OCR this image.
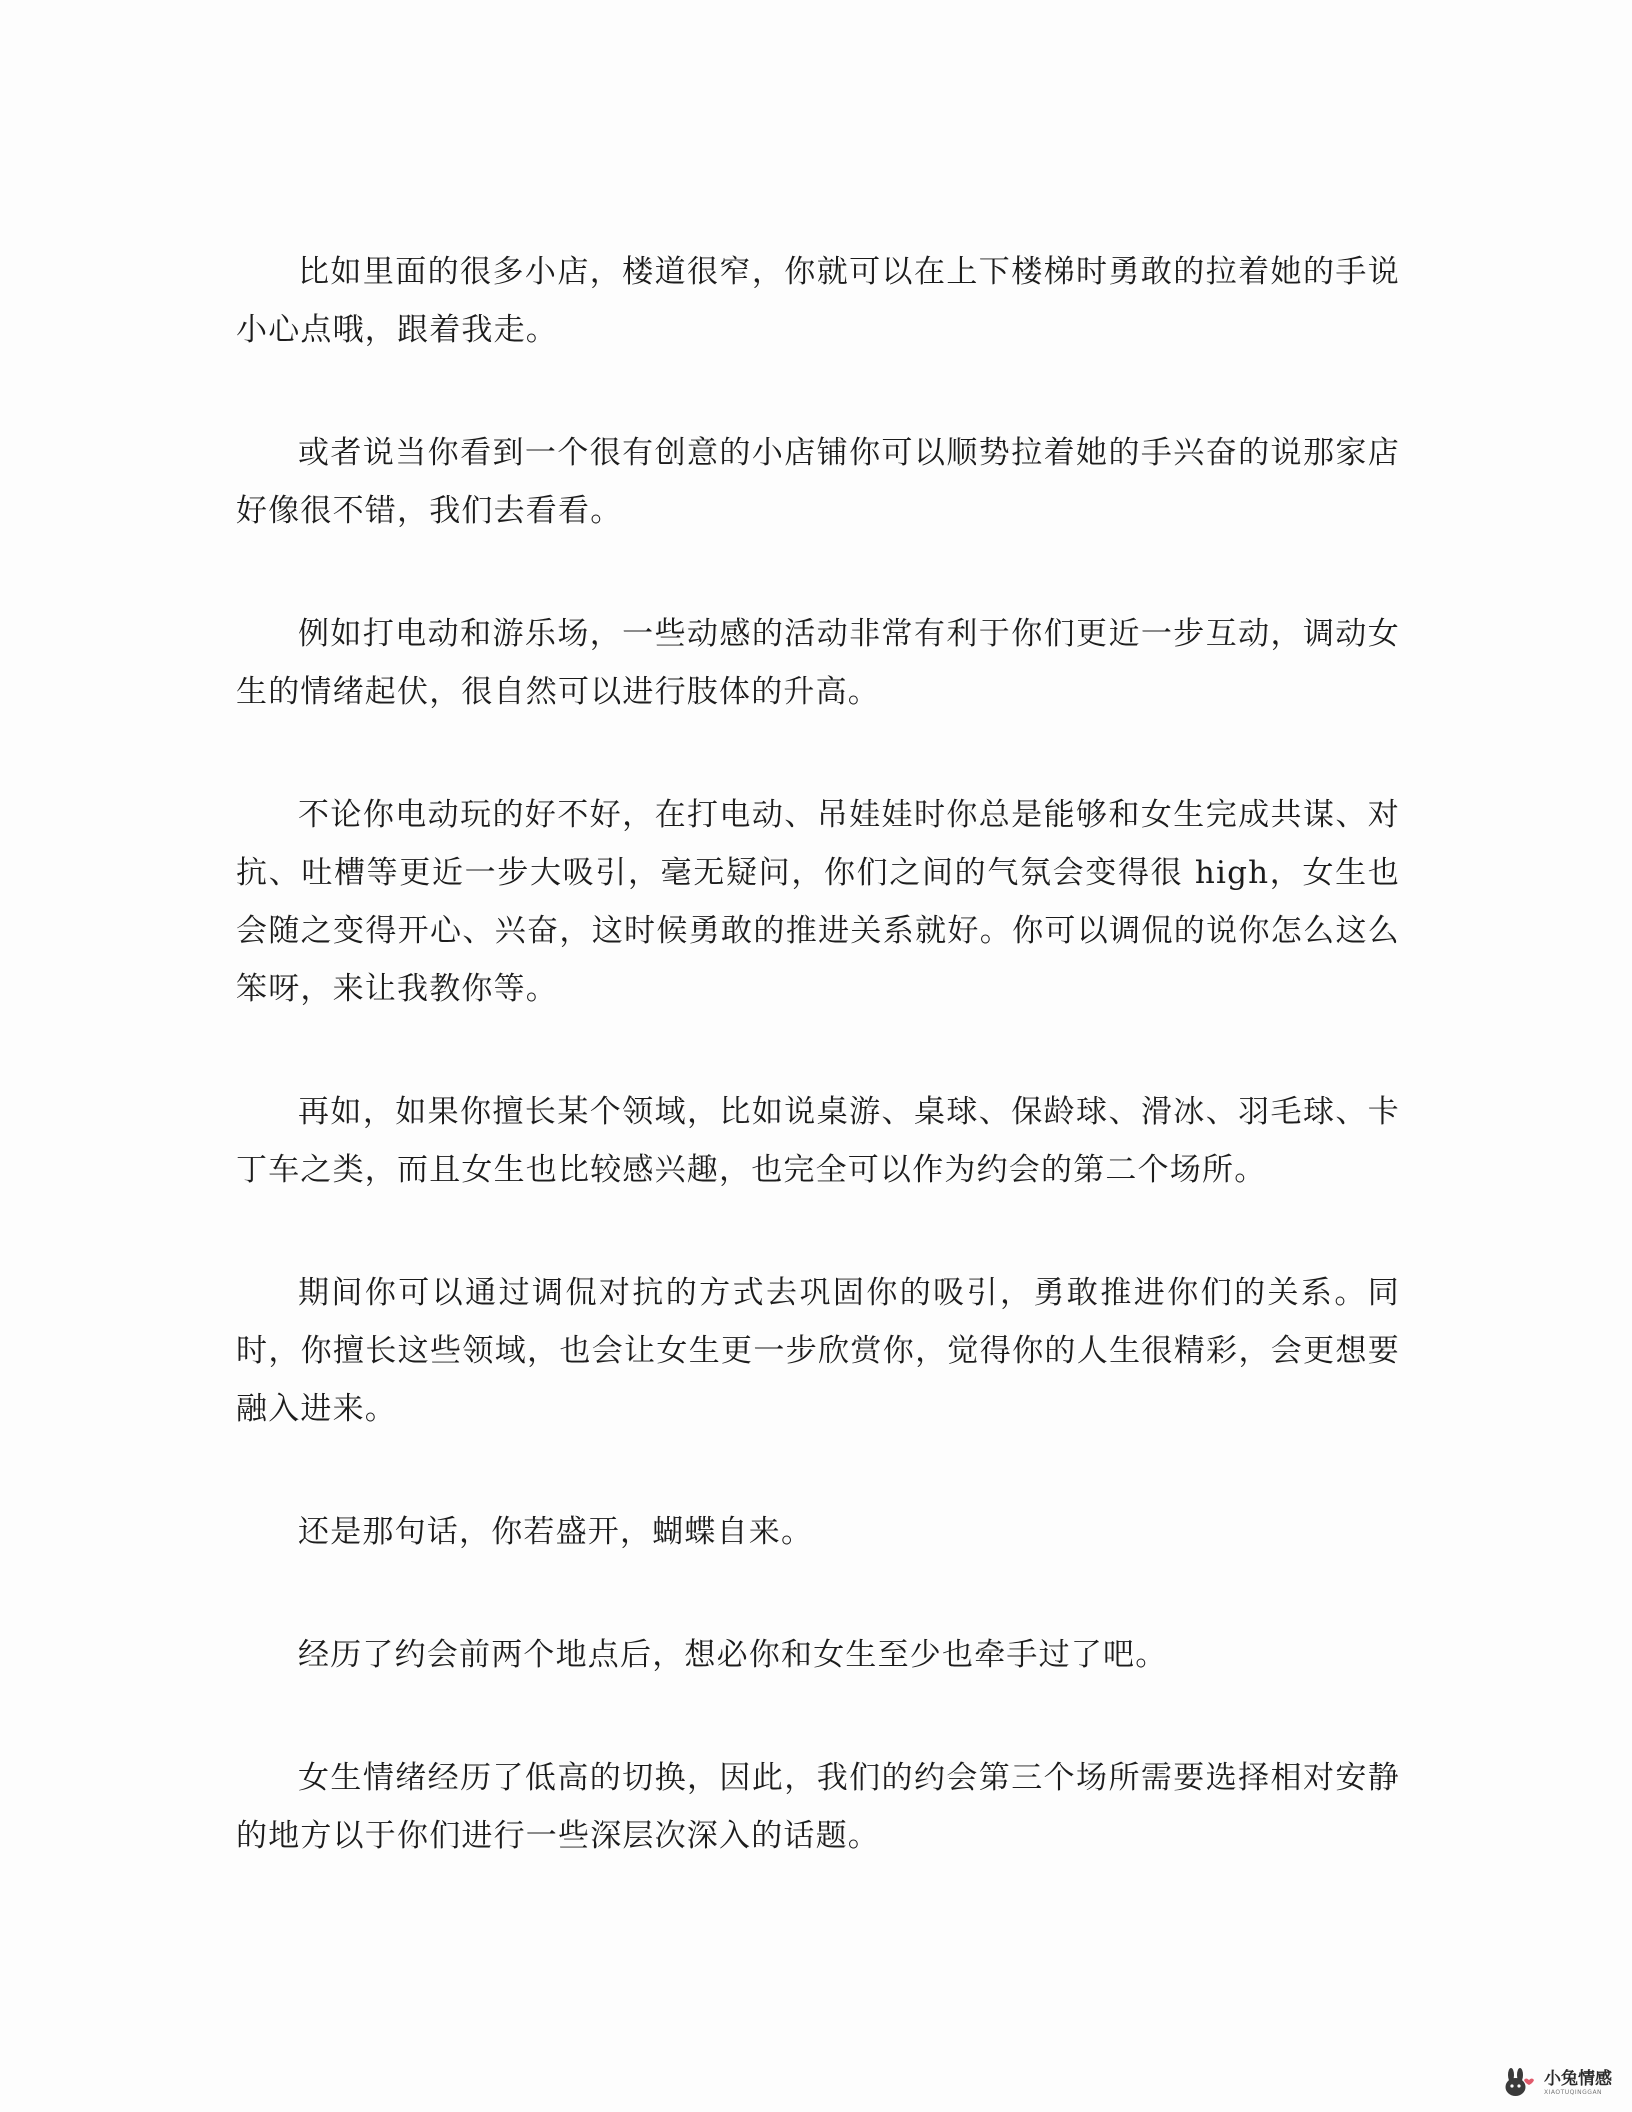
比如里面的很多小店，楼道很窄，你就可以在上下楼梯时勇敢的拉着她的手说小心点哦，跟着我走。

或者说当你看到一个很有创意的小店铺你可以顺势拉着她的手兴奋的说那家店好像很不错，我们去看看。

例如打电动和游乐场，一些动感的活动非常有利于你们更近一步互动，调动女生的情绪起伏，很自然可以进行肢体的升高。

不论你电动玩的好不好，在打电动、吊娃娃时你总是能够和女生完成共谋、对抗、吐槽等更近一步大吸引，毫无疑问，你们之间的气氛会变得很 high，女生也会随之变得开心、兴奋，这时候勇敢的推进关系就好。你可以调侃的说你怎么这么笨呀，来让我教你等。

再如，如果你擅长某个领域，比如说桌游、桌球、保龄球、滑冰、羽毛球、卡丁车之类，而且女生也比较感兴趣，也完全可以作为约会的第二个场所。

期间你可以通过调侃对抗的方式去巩固你的吸引，勇敢推进你们的关系。同时，你擅长这些领域，也会让女生更一步欣赏你，觉得你的人生很精彩，会更想要融入进来。

还是那句话，你若盛开，蝴蝶自来。

经历了约会前两个地点后，想必你和女生至少也牵手过了吧。

女生情绪经历了低高的切换，因此，我们的约会第三个场所需要选择相对安静的地方以于你们进行一些深层次深入的话题。

小兔情感
XIAOTUQINGGAN
